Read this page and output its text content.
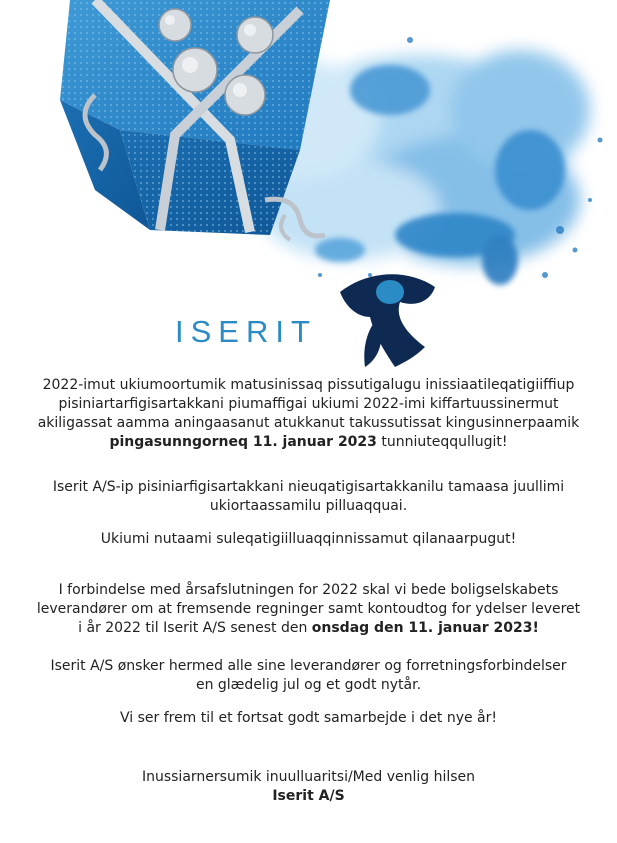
ISERIT

2022-imut ukiumoortumik matusinissaq pissutigalugu inissiaatileqatigiiffiup
pisiniartarfigisartakkani piumaffigai ukiumi 2022-imi kiffartuussinermut
akiligassat aamma aningaasanut atukkanut takussutissat kingusinnerpaamik
pingasunngorneq 11. januar 2023 tunniuteqqullugit!

Iserit A/S-ip pisiniarfigisartakkani nieuqatigisartakkanilu tamaasa juullimi
ukiortaassamilu pilluaqquai.

Ukiumi nutaami suleqatigiilluaqqinnissamut qilanaarpugut!

I forbindelse med årsafslutningen for 2022 skal vi bede boligselskabets
leverandører om at fremsende regninger samt kontoudtog for ydelser leveret
i år 2022 til Iserit A/S senest den onsdag den 11. januar 2023!

Iserit A/S ønsker hermed alle sine leverandører og forretningsforbindelser
en glædelig jul og et godt nytår.

Vi ser frem til et fortsat godt samarbejde i det nye år!

Inussiarnersumik inuulluaritsi/Med venlig hilsen
Iserit A/S
